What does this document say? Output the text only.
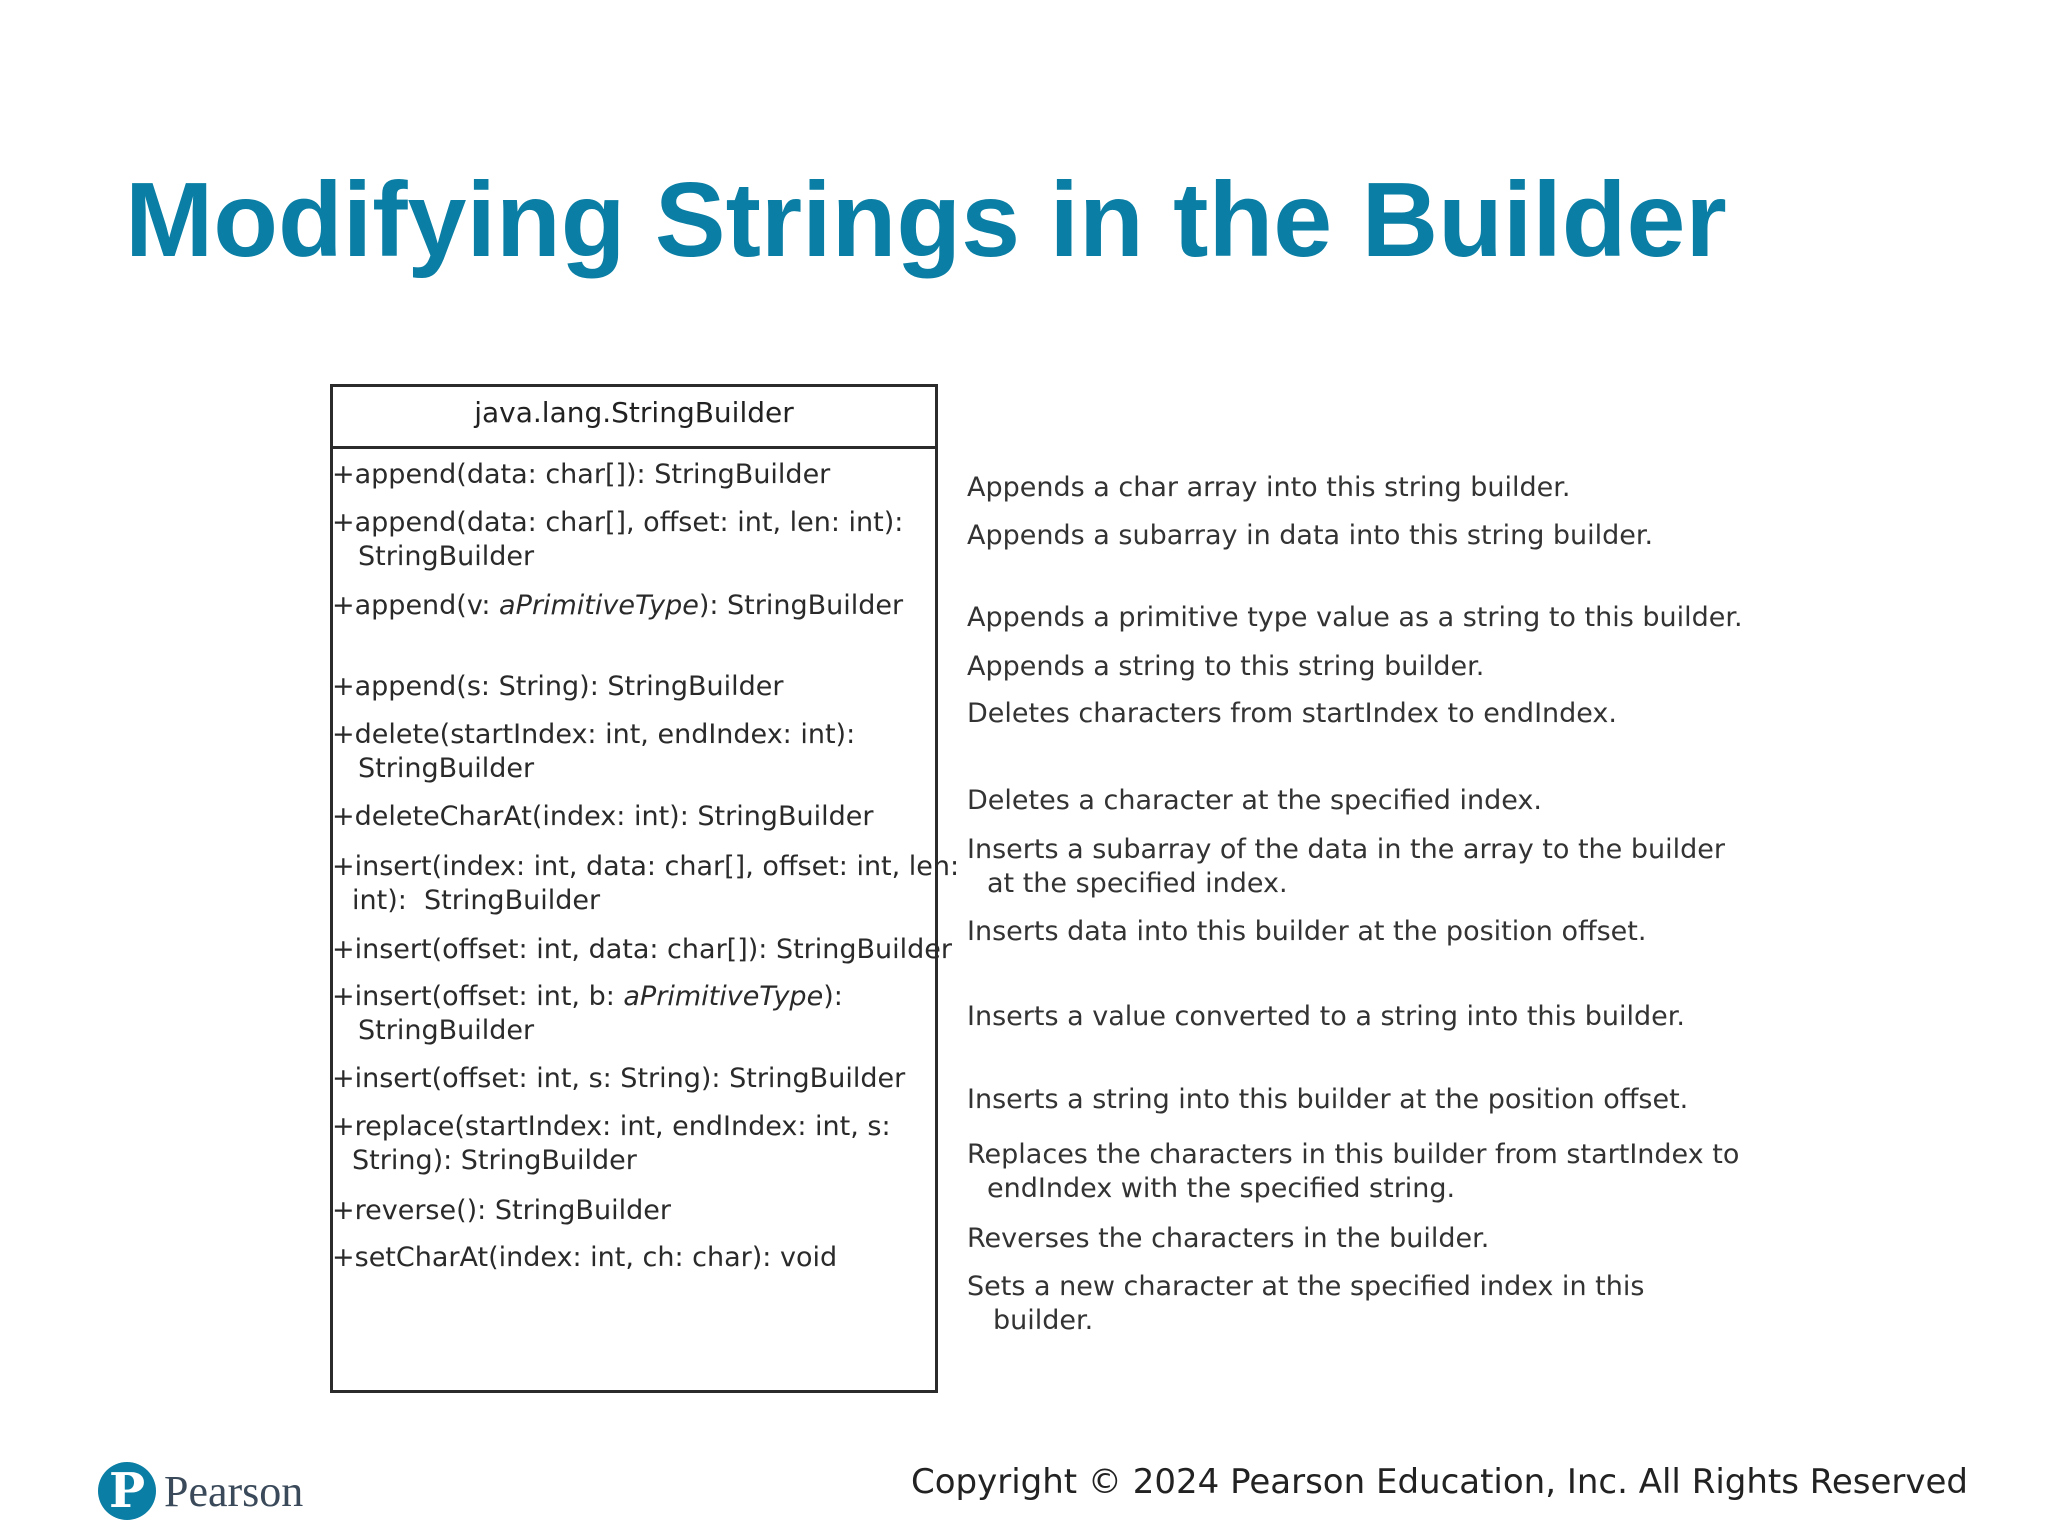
Modifying Strings in the Builder
java.lang.StringBuilder
+append(data: char[]): StringBuilder
+append(data: char[], offset: int, len: int):
StringBuilder
+append(v: aPrimitiveType): StringBuilder
+append(s: String): StringBuilder
+delete(startIndex: int, endIndex: int):
StringBuilder
+deleteCharAt(index: int): StringBuilder
+insert(index: int, data: char[], offset: int, len:
int):  StringBuilder
+insert(offset: int, data: char[]): StringBuilder
+insert(offset: int, b: aPrimitiveType):
StringBuilder
+insert(offset: int, s: String): StringBuilder
+replace(startIndex: int, endIndex: int, s:
String): StringBuilder
+reverse(): StringBuilder
+setCharAt(index: int, ch: char): void
Appends a char array into this string builder.
Appends a subarray in data into this string builder.
Appends a primitive type value as a string to this builder.
Appends a string to this string builder.
Deletes characters from startIndex to endIndex.
Deletes a character at the specified index.
Inserts a subarray of the data in the array to the builder
at the specified index.
Inserts data into this builder at the position offset.
Inserts a value converted to a string into this builder.
Inserts a string into this builder at the position offset.
Replaces the characters in this builder from startIndex to
endIndex with the specified string.
Reverses the characters in the builder.
Sets a new character at the specified index in this
builder.
P Pearson	Copyright © 2024 Pearson Education, Inc. All Rights Reserved
